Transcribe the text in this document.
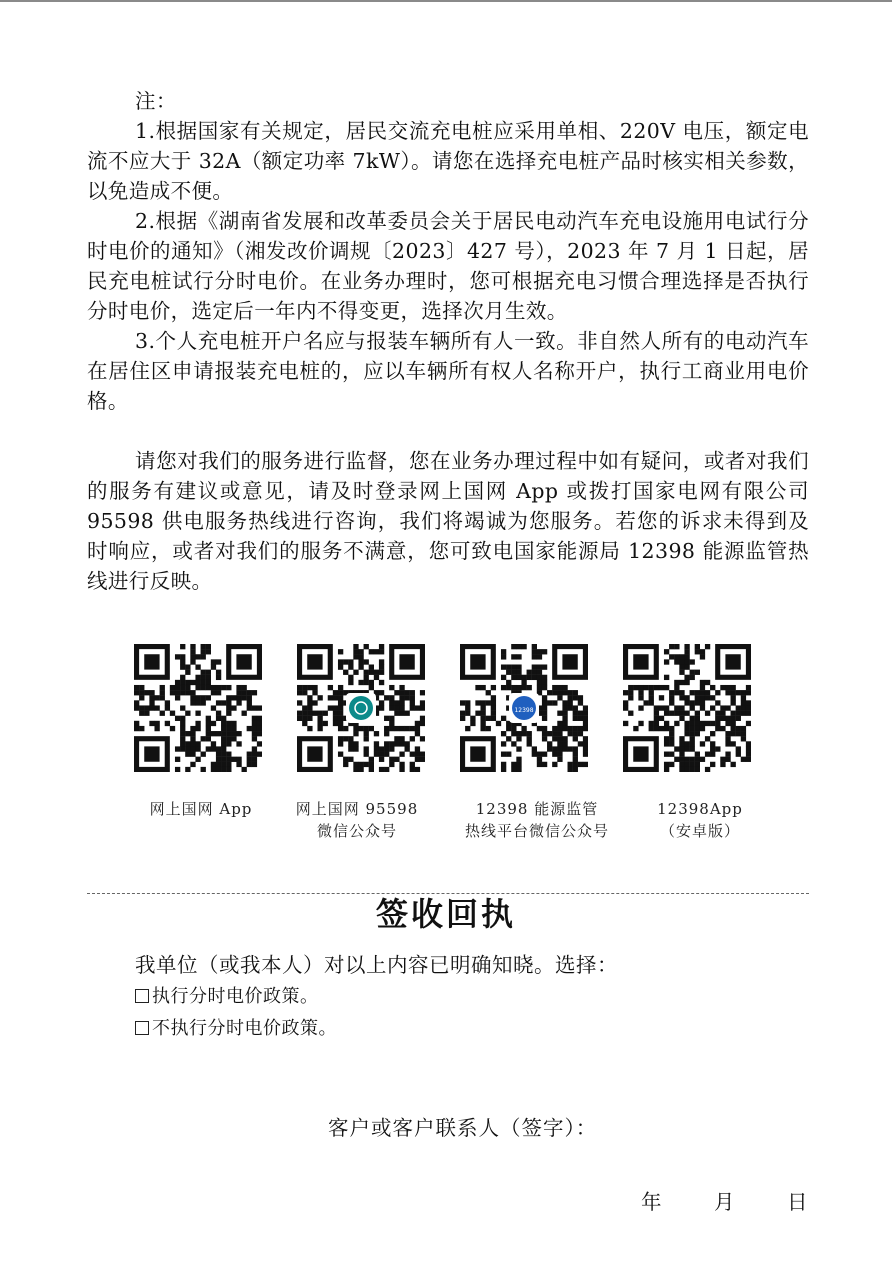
注：

1.根据国家有关规定，居民交流充电桩应采用单相、220V 电压，额定电流不应大于 32A（额定功率 7kW）。请您在选择充电桩产品时核实相关参数，以免造成不便。

2.根据《湖南省发展和改革委员会关于居民电动汽车充电设施用电试行分时电价的通知》（湘发改价调规〔2023〕427 号），2023 年 7 月 1 日起，居民充电桩试行分时电价。在业务办理时，您可根据充电习惯合理选择是否执行分时电价，选定后一年内不得变更，选择次月生效。

3.个人充电桩开户名应与报装车辆所有人一致。非自然人所有的电动汽车在居住区申请报装充电桩的，应以车辆所有权人名称开户，执行工商业用电价格。

请您对我们的服务进行监督，您在业务办理过程中如有疑问，或者对我们的服务有建议或意见，请及时登录网上国网 App 或拨打国家电网有限公司 95598 供电服务热线进行咨询，我们将竭诚为您服务。若您的诉求未得到及时响应，或者对我们的服务不满意，您可致电国家能源局 12398 能源监管热线进行反映。

12398
网上国网 App	网上国网 95598
微信公众号
12398 能源监管
热线平台微信公众号
12398App
（安卓版）
签收回执
我单位（或我本人）对以上内容已明确知晓。选择：
执行分时电价政策。
不执行分时电价政策。
客户或客户联系人（签字）：
年	月	日
